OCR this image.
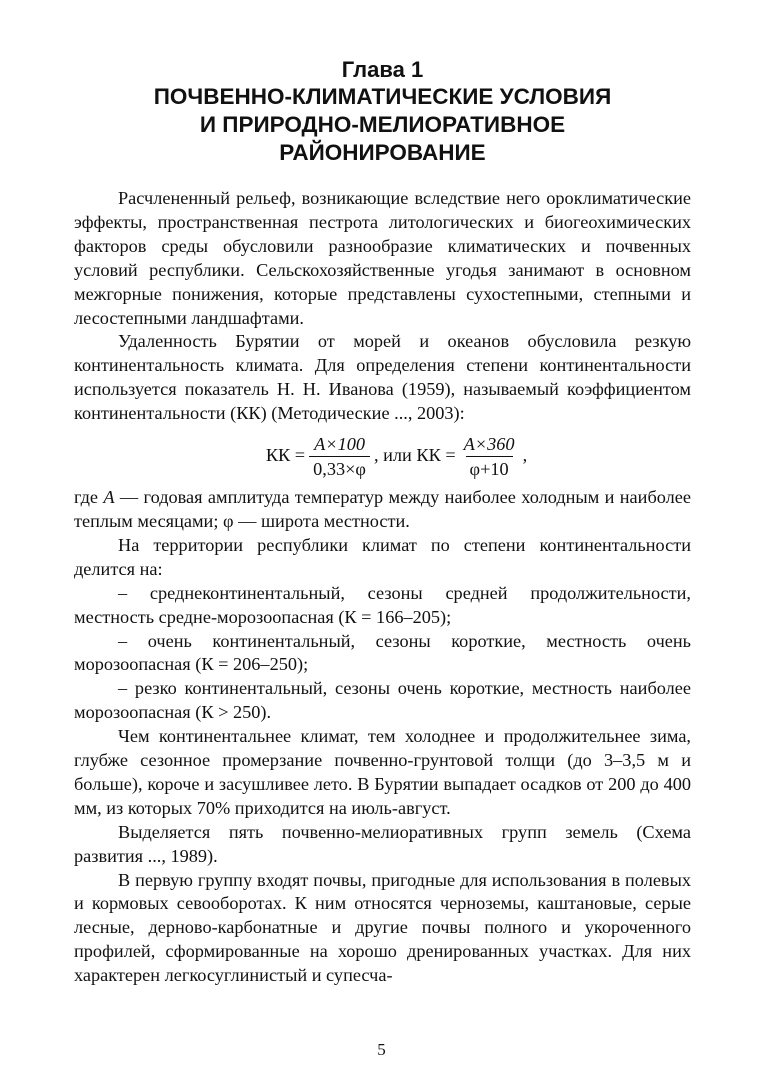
Глава 1
ПОЧВЕННО-КЛИМАТИЧЕСКИЕ УСЛОВИЯ
И ПРИРОДНО-МЕЛИОРАТИВНОЕ
РАЙОНИРОВАНИЕ

Расчлененный рельеф, возникающие вследствие него ороклиматические эффекты, пространственная пестрота литологических и биогеохимических факторов среды обусловили разнообразие климатических и почвенных условий республики. Сельскохозяйственные угодья занимают в основном межгорные понижения, которые представлены сухостепными, степными и лесостепными ландшафтами.

Удаленность Бурятии от морей и океанов обусловила резкую континентальность климата. Для определения степени континентальности используется показатель Н. Н. Иванова (1959), называемый коэффициентом континентальности (КК) (Методические ..., 2003):

КК = $\frac{A\times 100}{0,33\times\varphi}$ , или КК = $\frac{A\times 360}{\varphi+10}$ ,

где A — годовая амплитуда температур между наиболее холодным и наиболее теплым месяцами; φ — широта местности.

На территории республики климат по степени континентальности делится на:

– среднеконтинентальный, сезоны средней продолжительности, местность средне-морозоопасная (К = 166–205);

– очень континентальный, сезоны короткие, местность очень морозоопасная (К = 206–250);

– резко континентальный, сезоны очень короткие, местность наиболее морозоопасная (К > 250).

Чем континентальнее климат, тем холоднее и продолжительнее зима, глубже сезонное промерзание почвенно-грунтовой толщи (до 3–3,5 м и больше), короче и засушливее лето. В Бурятии выпадает осадков от 200 до 400 мм, из которых 70% приходится на июль-август.

Выделяется пять почвенно-мелиоративных групп земель (Схема развития ..., 1989).

В первую группу входят почвы, пригодные для использования в полевых и кормовых севооборотах. К ним относятся черноземы, каштановые, серые лесные, дерново-карбонатные и другие почвы полного и укороченного профилей, сформированные на хорошо дренированных участках. Для них характерен легкосуглинистый и супесча-

5
